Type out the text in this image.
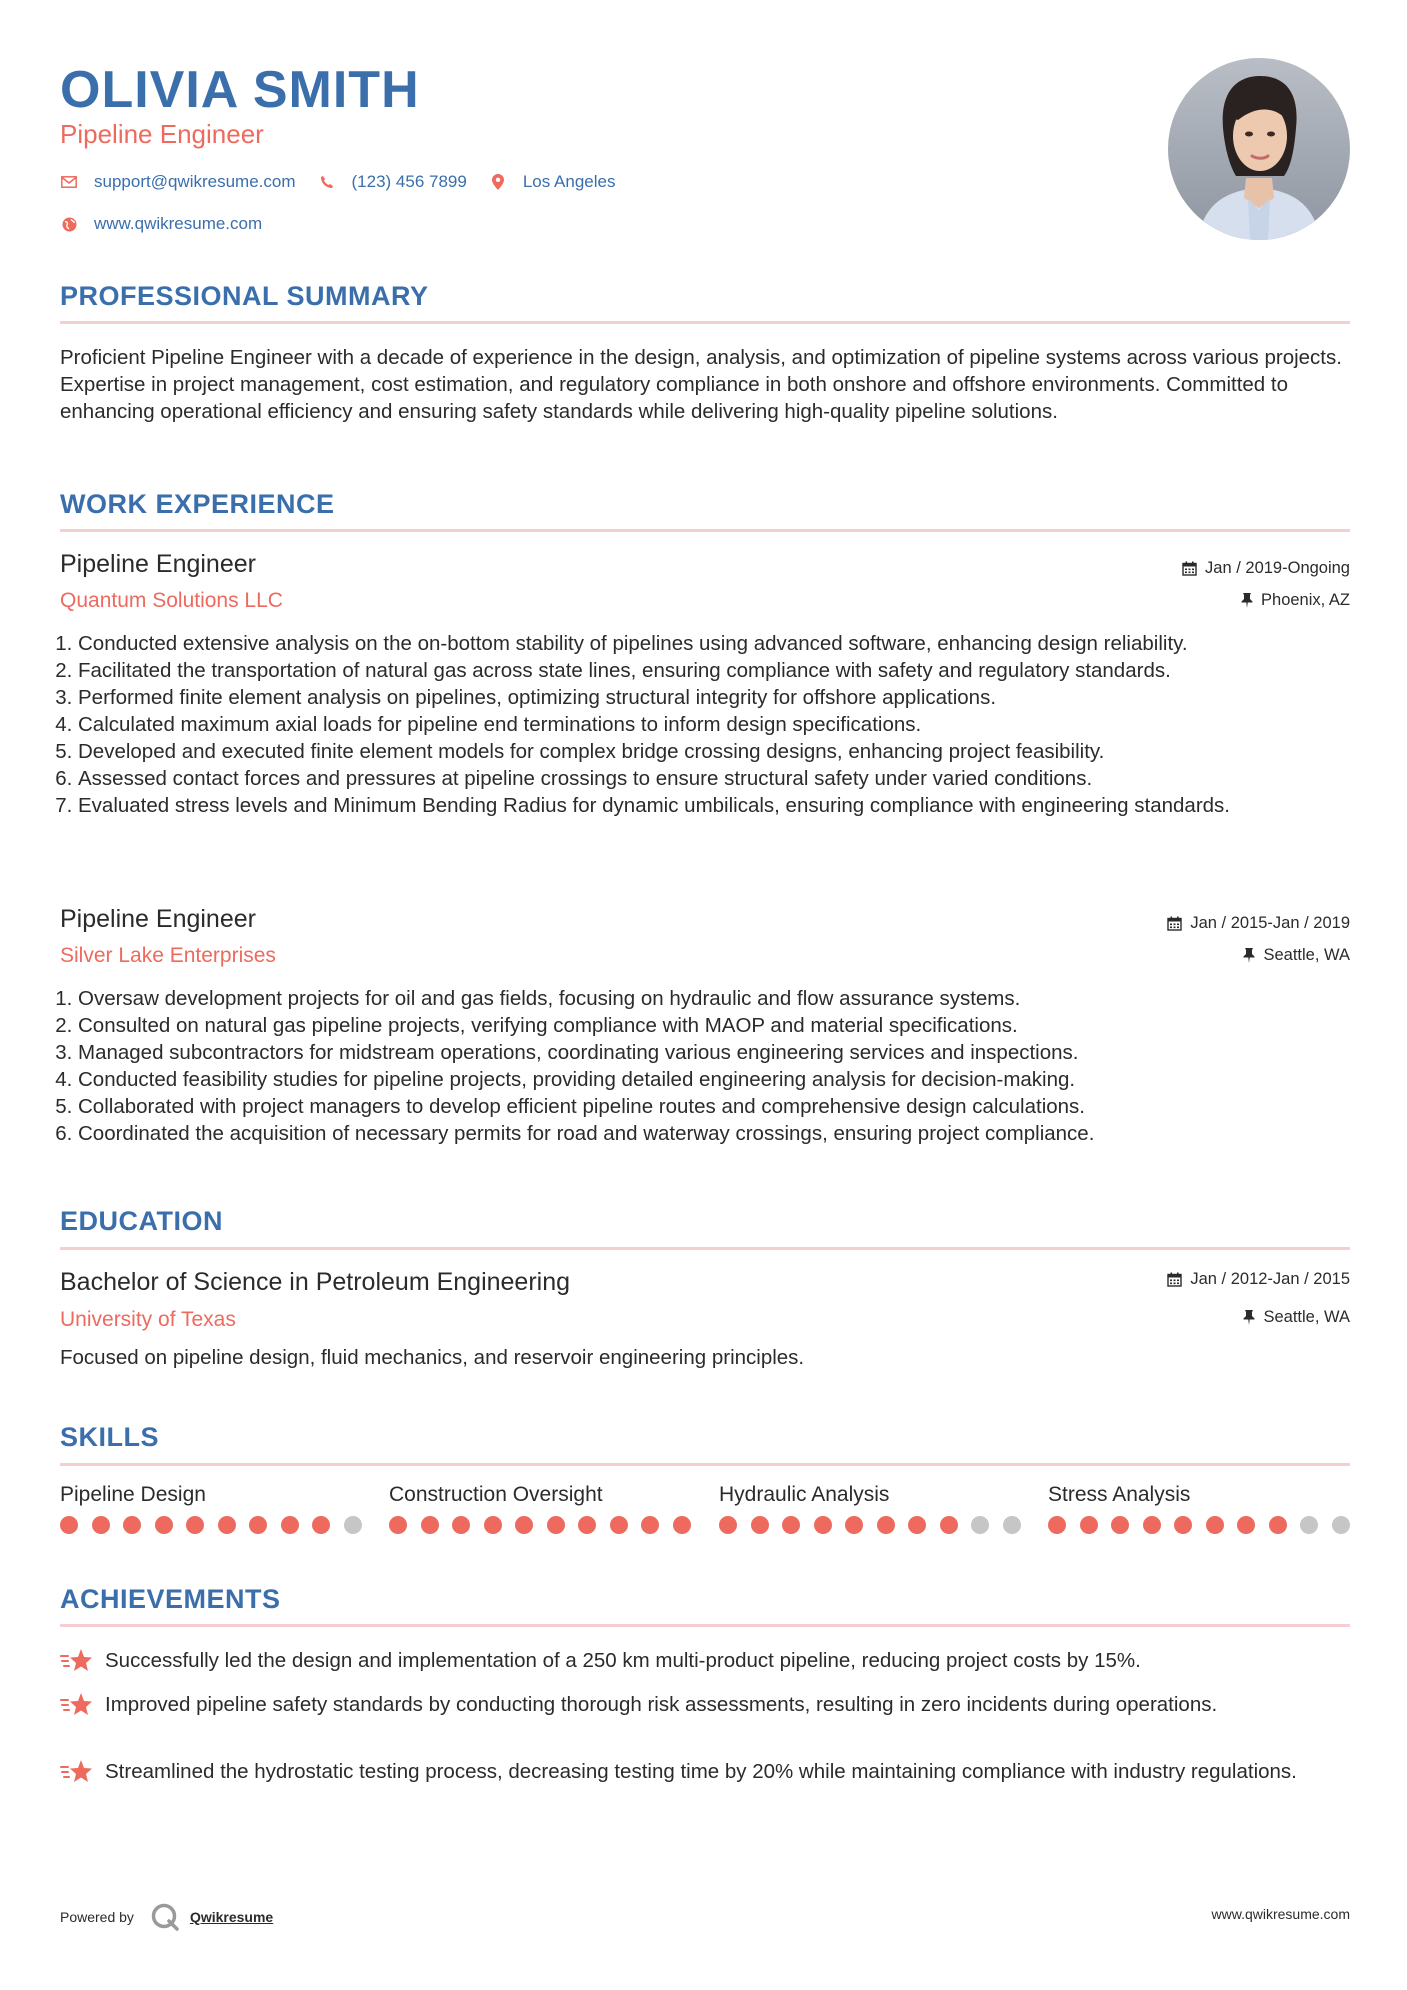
OLIVIA SMITH
Pipeline Engineer
support@qwikresume.com	(123) 456 7899	Los Angeles
www.qwikresume.com
PROFESSIONAL SUMMARY
Proficient Pipeline Engineer with a decade of experience in the design, analysis, and optimization of pipeline systems across various projects. Expertise in project management, cost estimation, and regulatory compliance in both onshore and offshore environments. Committed to enhancing operational efficiency and ensuring safety standards while delivering high-quality pipeline solutions.
WORK EXPERIENCE
Pipeline Engineer
Quantum Solutions LLC
Jan / 2019-Ongoing
Phoenix, AZ
1. Conducted extensive analysis on the on-bottom stability of pipelines using advanced software, enhancing design reliability.
2. Facilitated the transportation of natural gas across state lines, ensuring compliance with safety and regulatory standards.
3. Performed finite element analysis on pipelines, optimizing structural integrity for offshore applications.
4. Calculated maximum axial loads for pipeline end terminations to inform design specifications.
5. Developed and executed finite element models for complex bridge crossing designs, enhancing project feasibility.
6. Assessed contact forces and pressures at pipeline crossings to ensure structural safety under varied conditions.
7. Evaluated stress levels and Minimum Bending Radius for dynamic umbilicals, ensuring compliance with engineering standards.
Pipeline Engineer
Silver Lake Enterprises
Jan / 2015-Jan / 2019
Seattle, WA
1. Oversaw development projects for oil and gas fields, focusing on hydraulic and flow assurance systems.
2. Consulted on natural gas pipeline projects, verifying compliance with MAOP and material specifications.
3. Managed subcontractors for midstream operations, coordinating various engineering services and inspections.
4. Conducted feasibility studies for pipeline projects, providing detailed engineering analysis for decision-making.
5. Collaborated with project managers to develop efficient pipeline routes and comprehensive design calculations.
6. Coordinated the acquisition of necessary permits for road and waterway crossings, ensuring project compliance.
EDUCATION
Bachelor of Science in Petroleum Engineering
University of Texas
Jan / 2012-Jan / 2015
Seattle, WA
Focused on pipeline design, fluid mechanics, and reservoir engineering principles.
SKILLS
Pipeline Design	Construction Oversight	Hydraulic Analysis	Stress Analysis
ACHIEVEMENTS
Successfully led the design and implementation of a 250 km multi-product pipeline, reducing project costs by 15%.
Improved pipeline safety standards by conducting thorough risk assessments, resulting in zero incidents during operations.
Streamlined the hydrostatic testing process, decreasing testing time by 20% while maintaining compliance with industry regulations.
Powered by	Qwikresume	www.qwikresume.com
